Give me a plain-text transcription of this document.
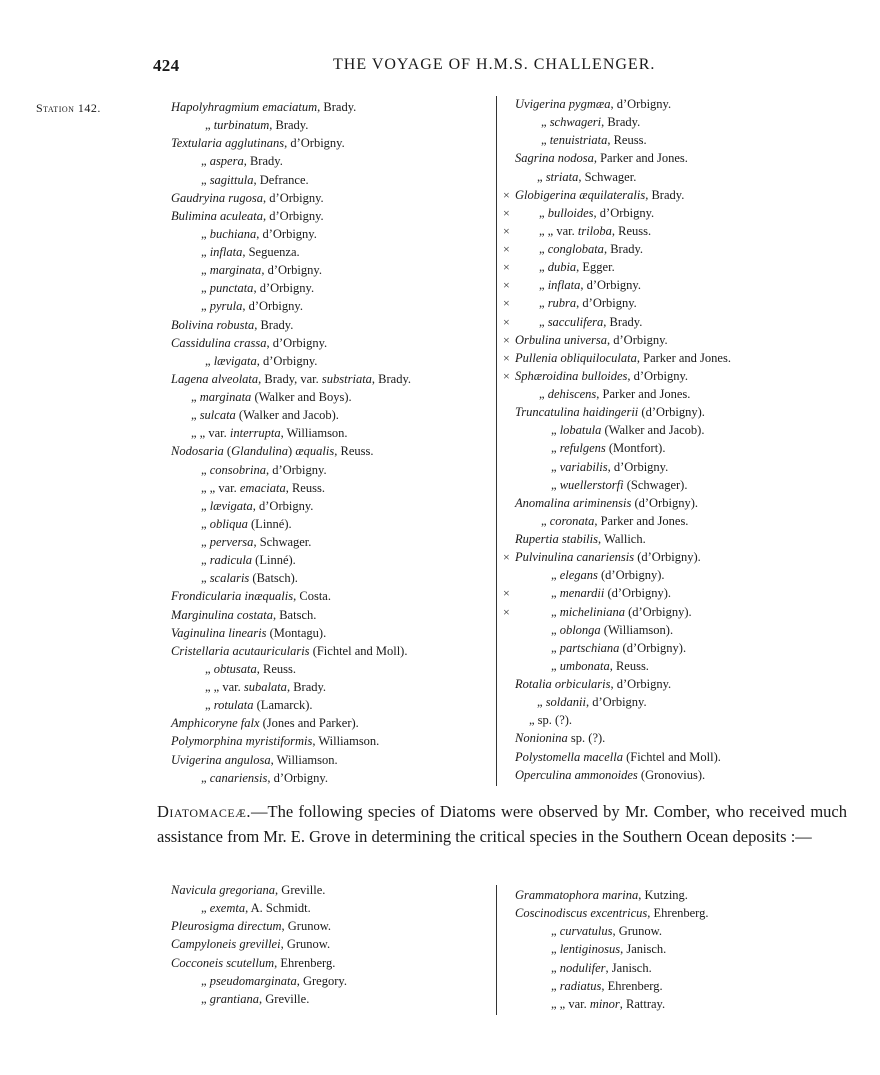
424	THE VOYAGE OF H.M.S. CHALLENGER.
Station 142.	Hapolyhragmium emaciatum, Brady.
„ turbinatum, Brady.
Textularia agglutinans, d’Orbigny.
„ aspera, Brady.
„ sagittula, Defrance.
Gaudryina rugosa, d’Orbigny.
Bulimina aculeata, d’Orbigny.
„ buchiana, d’Orbigny.
„ inflata, Seguenza.
„ marginata, d’Orbigny.
„ punctata, d’Orbigny.
„ pyrula, d’Orbigny.
Bolivina robusta, Brady.
Cassidulina crassa, d’Orbigny.
„ lævigata, d’Orbigny.
Lagena alveolata, Brady, var. substriata, Brady.
„ marginata (Walker and Boys).
„ sulcata (Walker and Jacob).
„ „ var. interrupta, Williamson.
Nodosaria (Glandulina) æqualis, Reuss.
„ consobrina, d’Orbigny.
„ „ var. emaciata, Reuss.
„ lævigata, d’Orbigny.
„ obliqua (Linné).
„ perversa, Schwager.
„ radicula (Linné).
„ scalaris (Batsch).
Frondicularia inæqualis, Costa.
Marginulina costata, Batsch.
Vaginulina linearis (Montagu).
Cristellaria acutauricularis (Fichtel and Moll).
„ obtusata, Reuss.
„ „ var. subalata, Brady.
„ rotulata (Lamarck).
Amphicoryne falx (Jones and Parker).
Polymorphina myristiformis, Williamson.
Uvigerina angulosa, Williamson.
„ canariensis, d’Orbigny.
Uvigerina pygmæa, d’Orbigny.
„ schwageri, Brady.
„ tenuistriata, Reuss.
Sagrina nodosa, Parker and Jones.
„ striata, Schwager.
× Globigerina æquilateralis, Brady.
× „ bulloides, d’Orbigny.
× „ „ var. triloba, Reuss.
× „ conglobata, Brady.
× „ dubia, Egger.
× „ inflata, d’Orbigny.
× „ rubra, d’Orbigny.
× „ sacculifera, Brady.
× Orbulina universa, d’Orbigny.
× Pullenia obliquiloculata, Parker and Jones.
× Sphæroidina bulloides, d’Orbigny.
„ dehiscens, Parker and Jones.
Truncatulina haidingerii (d’Orbigny).
„ lobatula (Walker and Jacob).
„ refulgens (Montfort).
„ variabilis, d’Orbigny.
„ wuellerstorfi (Schwager).
Anomalina ariminensis (d’Orbigny).
„ coronata, Parker and Jones.
Rupertia stabilis, Wallich.
× Pulvinulina canariensis (d’Orbigny).
„ elegans (d’Orbigny).
×	„ menardii (d’Orbigny).
×	„ micheliniana (d’Orbigny).
„ oblonga (Williamson).
„ partschiana (d’Orbigny).
„ umbonata, Reuss.
Rotalia orbicularis, d’Orbigny.
„ soldanii, d’Orbigny.
„ sp. (?).
Nonionina sp. (?).
Polystomella macella (Fichtel and Moll).
Operculina ammonoides (Gronovius).
Diatomaceæ.—The following species of Diatoms were observed by Mr. Comber, who received much assistance from Mr. E. Grove in determining the critical species in the Southern Ocean deposits :—
Navicula gregoriana, Greville.
„ exemta, A. Schmidt.
Pleurosigma directum, Grunow.
Campyloneis grevillei, Grunow.
Cocconeis scutellum, Ehrenberg.
„ pseudomarginata, Gregory.
„ grantiana, Greville.
Grammatophora marina, Kutzing.
Coscinodiscus excentricus, Ehrenberg.
„ curvatulus, Grunow.
„ lentiginosus, Janisch.
„ nodulifer, Janisch.
„ radiatus, Ehrenberg.
„ „ var. minor, Rattray.
